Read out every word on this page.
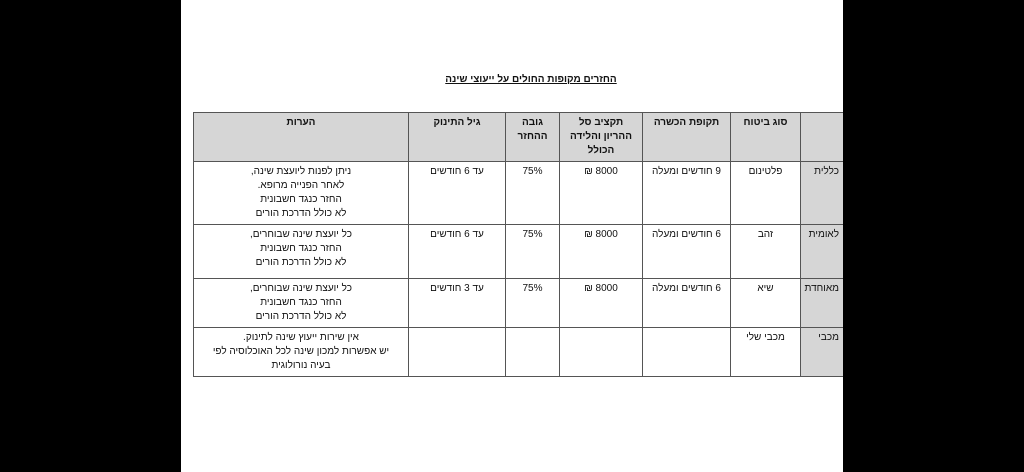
החזרים מקופות החולים על ייעוצי שינה
	סוג ביטוח	תקופת הכשרה	תקציב סל
ההריון והלידה
הכולל	גובה
ההחזר	גיל התינוק	הערות
כללית	פלטינום	9 חודשים ומעלה	8000 ₪	75%	עד 6 חודשים	ניתן לפנות ליועצת שינה,
לאחר הפנייה מרופא.
החזר כנגד חשבונית
לא כולל הדרכת הורים

לאומית	זהב	6 חודשים ומעלה	8000 ₪	75%	עד 6 חודשים	כל יועצת שינה שבוחרים,
החזר כנגד חשבונית
לא כולל הדרכת הורים

מאוחדת	שיא	6 חודשים ומעלה	8000 ₪	75%	עד 3 חודשים	כל יועצת שינה שבוחרים,
החזר כנגד חשבונית
לא כולל הדרכת הורים

מכבי	מכבי שלי					אין שירות ייעוץ שינה לתינוק.
יש אפשרות למכון שינה לכל האוכלוסיה לפי
בעיה נורולוגית
